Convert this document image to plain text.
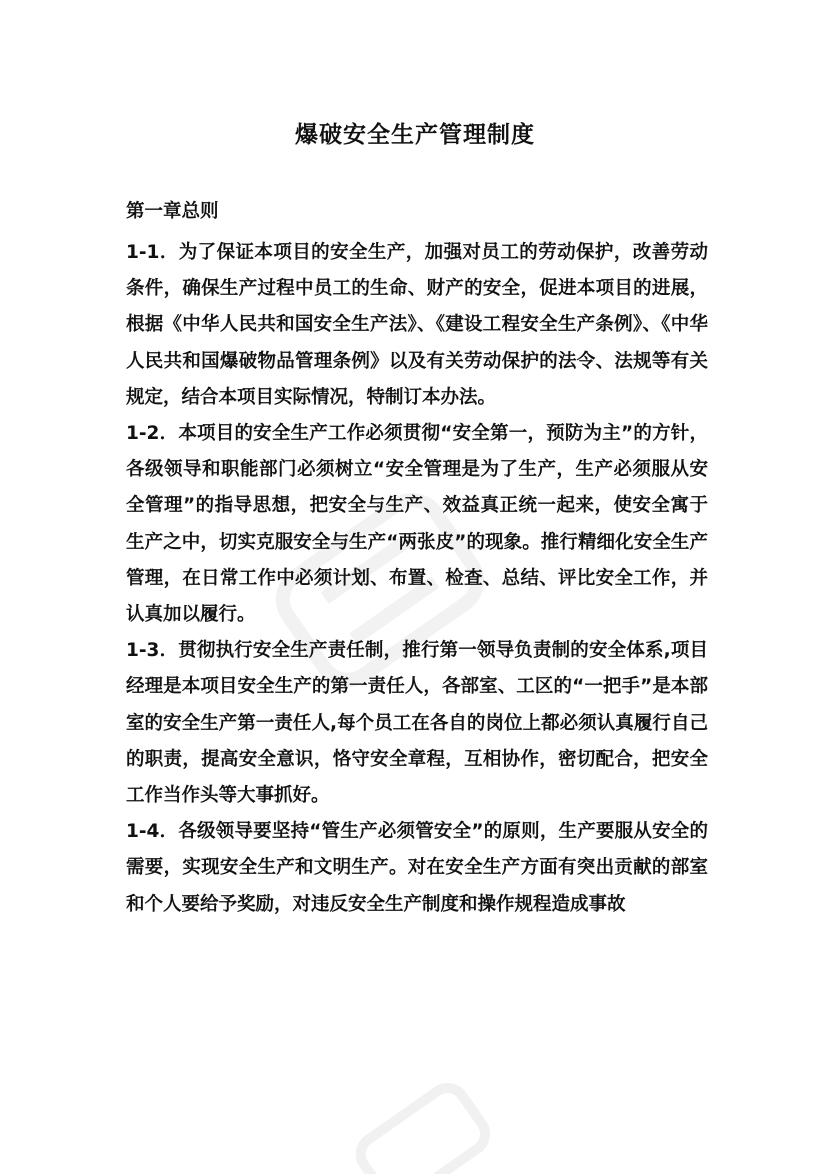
爆破安全生产管理制度
第一章总则

1-1．为了保证本项目的安全生产，加强对员工的劳动保护，改善劳动条件，确保生产过程中员工的生命、财产的安全，促进本项目的进展，根据《中华人民共和国安全生产法》、《建设工程安全生产条例》、《中华人民共和国爆破物品管理条例》以及有关劳动保护的法令、法规等有关规定，结合本项目实际情况，特制订本办法。

1-2．本项目的安全生产工作必须贯彻“安全第一，预防为主”的方针，各级领导和职能部门必须树立“安全管理是为了生产，生产必须服从安全管理”的指导思想，把安全与生产、效益真正统一起来，使安全寓于生产之中，切实克服安全与生产“两张皮”的现象。推行精细化安全生产管理，在日常工作中必须计划、布置、检查、总结、评比安全工作，并认真加以履行。

1-3．贯彻执行安全生产责任制，推行第一领导负责制的安全体系,项目经理是本项目安全生产的第一责任人，各部室、工区的“一把手”是本部室的安全生产第一责任人,每个员工在各自的岗位上都必须认真履行自己的职责，提高安全意识，恪守安全章程，互相协作，密切配合，把安全工作当作头等大事抓好。

1-4．各级领导要坚持“管生产必须管安全”的原则，生产要服从安全的需要，实现安全生产和文明生产。对在安全生产方面有突出贡献的部室和个人要给予奖励，对违反安全生产制度和操作规程造成事故
